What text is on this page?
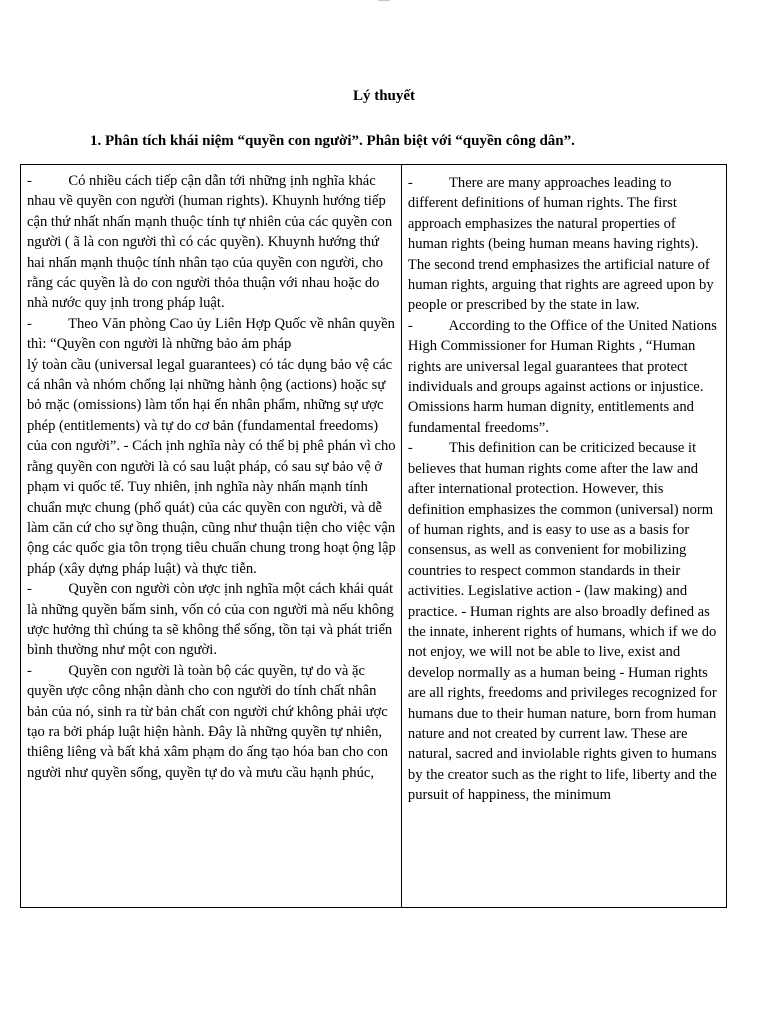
Lý thuyết
1. Phân tích khái niệm “quyền con người”. Phân biệt với “quyền công dân”.

-          Có nhiều cách tiếp cận dẫn tới những ịnh nghĩa khác nhau về quyền con người (human rights). Khuynh hướng tiếp cận thứ nhất nhấn mạnh thuộc tính tự nhiên của các quyền con người ( ã là con người thì có các quyền). Khuynh hướng thứ hai nhấn mạnh thuộc tính nhân tạo của quyền con người, cho rằng các quyền là do con người thỏa thuận với nhau hoặc do nhà nước quy ịnh trong pháp luật.

-          Theo Văn phòng Cao ủy Liên Hợp Quốc về nhân quyền thì: “Quyền con người là những bảo ảm pháp

lý toàn cầu (universal legal guarantees) có tác dụng bảo vệ các cá nhân và nhóm chống lại những hành ộng (actions) hoặc sự bỏ mặc (omissions) làm tổn hại ến nhân phẩm, những sự ược phép (entitlements) và tự do cơ bản (fundamental freedoms) của con người”. - Cách ịnh nghĩa này có thể bị phê phán vì cho rằng quyền con người là có sau luật pháp, có sau sự bảo vệ ở phạm vi quốc tế. Tuy nhiên, ịnh nghĩa này nhấn mạnh tính chuẩn mực chung (phổ quát) của các quyền con người, và dễ làm căn cứ cho sự ồng thuận, cũng như thuận tiện cho việc vận ộng các quốc gia tôn trọng tiêu chuẩn chung trong hoạt ộng lập pháp (xây dựng pháp luật) và thực tiễn.

-          Quyền con người còn ược ịnh nghĩa một cách khái quát là những quyền bẩm sinh, vốn có của con người mà nếu không ược hưởng thì chúng ta sẽ không thể sống, tồn tại và phát triển bình thường như một con người.

-          Quyền con người là toàn bộ các quyền, tự do và ặc quyền ược công nhận dành cho con người do tính chất nhân bản của nó, sinh ra từ bản chất con người chứ không phải ược tạo ra bởi pháp luật hiện hành. Đây là những quyền tự nhiên, thiêng liêng và bất khả xâm phạm do ấng tạo hóa ban cho con người như quyền sống, quyền tự do và mưu cầu hạnh phúc,

-          There are many approaches leading to different definitions of human rights. The first approach emphasizes the natural properties of human rights (being human means having rights). The second trend emphasizes the artificial nature of human rights, arguing that rights are agreed upon by people or prescribed by the state in law.

-          According to the Office of the United Nations High Commissioner for Human Rights , “Human rights are universal legal guarantees that protect individuals and groups against actions or injustice. Omissions harm human dignity, entitlements and fundamental freedoms”.

-          This definition can be criticized because it believes that human rights come after the law and after international protection. However, this definition emphasizes the common (universal) norm of human rights, and is easy to use as a basis for consensus, as well as convenient for mobilizing countries to respect common standards in their activities. Legislative action - (law making) and practice. - Human rights are also broadly defined as the innate, inherent rights of humans, which if we do not enjoy, we will not be able to live, exist and develop normally as a human being - Human rights are all rights, freedoms and privileges recognized for humans due to their human nature, born from human nature and not created by current law. These are natural, sacred and inviolable rights given to humans by the creator such as the right to life, liberty and the pursuit of happiness, the minimum
